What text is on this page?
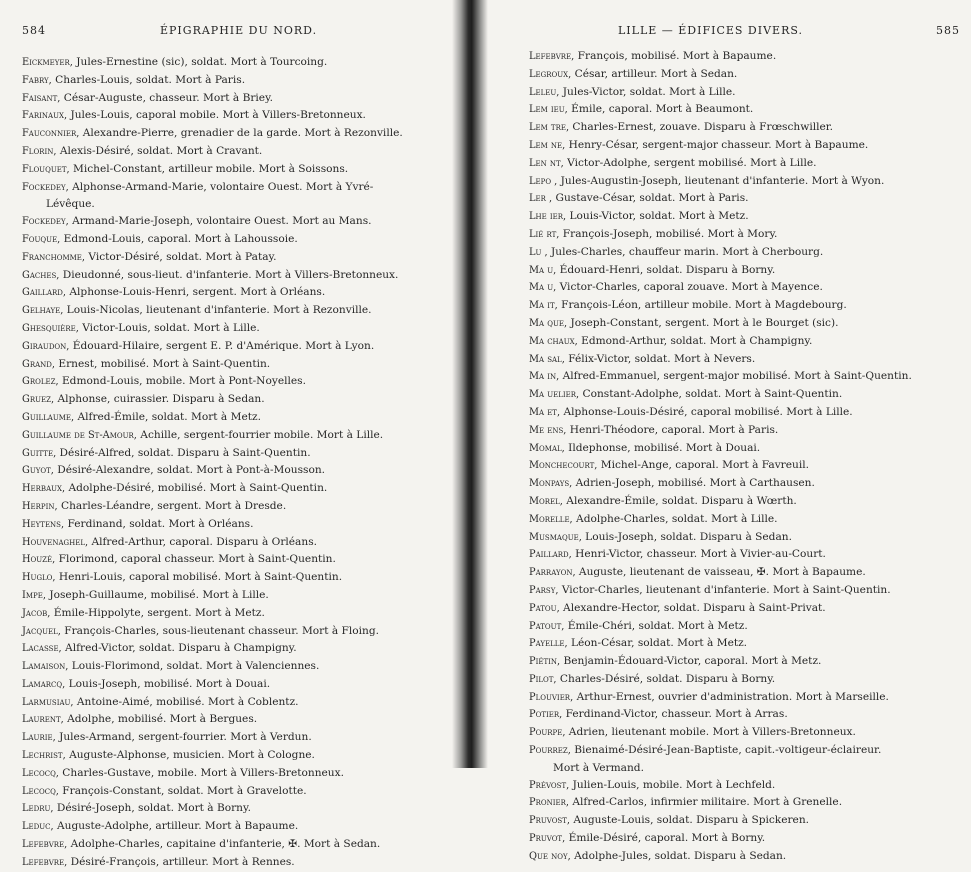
584	ÉPIGRAPHIE DU NORD.
Eickmeyer, Jules-Ernestine (sic), soldat. Mort à Tourcoing.
Fabry, Charles-Louis, soldat. Mort à Paris.
Faisant, César-Auguste, chasseur. Mort à Briey.
Farinaux, Jules-Louis, caporal mobile. Mort à Villers-Bretonneux.
Fauconnier, Alexandre-Pierre, grenadier de la garde. Mort à Rezonville.
Florin, Alexis-Désiré, soldat. Mort à Cravant.
Flouquet, Michel-Constant, artilleur mobile. Mort à Soissons.
Fockedey, Alphonse-Armand-Marie, volontaire Ouest. Mort à Yvré-
Lévêque.
Fockedey, Armand-Marie-Joseph, volontaire Ouest. Mort au Mans.
Fouque, Edmond-Louis, caporal. Mort à Lahoussoie.
Franchomme, Victor-Désiré, soldat. Mort à Patay.
Gaches, Dieudonné, sous-lieut. d'infanterie. Mort à Villers-Bretonneux.
Gaillard, Alphonse-Louis-Henri, sergent. Mort à Orléans.
Gelhaye, Louis-Nicolas, lieutenant d'infanterie. Mort à Rezonville.
Ghesquière, Victor-Louis, soldat. Mort à Lille.
Giraudon, Édouard-Hilaire, sergent E. P. d'Amérique. Mort à Lyon.
Grand, Ernest, mobilisé. Mort à Saint-Quentin.
Grolez, Edmond-Louis, mobile. Mort à Pont-Noyelles.
Gruez, Alphonse, cuirassier. Disparu à Sedan.
Guillaume, Alfred-Émile, soldat. Mort à Metz.
Guillaume de St-Amour, Achille, sergent-fourrier mobile. Mort à Lille.
Guitte, Désiré-Alfred, soldat. Disparu à Saint-Quentin.
Guyot, Désiré-Alexandre, soldat. Mort à Pont-à-Mousson.
Herbaux, Adolphe-Désiré, mobilisé. Mort à Saint-Quentin.
Herpin, Charles-Léandre, sergent. Mort à Dresde.
Heytens, Ferdinand, soldat. Mort à Orléans.
Houvenaghel, Alfred-Arthur, caporal. Disparu à Orléans.
Houzé, Florimond, caporal chasseur. Mort à Saint-Quentin.
Huglo, Henri-Louis, caporal mobilisé. Mort à Saint-Quentin.
Impe, Joseph-Guillaume, mobilisé. Mort à Lille.
Jacob, Émile-Hippolyte, sergent. Mort à Metz.
Jacquel, François-Charles, sous-lieutenant chasseur. Mort à Floing.
Lacasse, Alfred-Victor, soldat. Disparu à Champigny.
Lamaison, Louis-Florimond, soldat. Mort à Valenciennes.
Lamarcq, Louis-Joseph, mobilisé. Mort à Douai.
Larmusiau, Antoine-Aimé, mobilisé. Mort à Coblentz.
Laurent, Adolphe, mobilisé. Mort à Bergues.
Laurie, Jules-Armand, sergent-fourrier. Mort à Verdun.
Lechrist, Auguste-Alphonse, musicien. Mort à Cologne.
Lecocq, Charles-Gustave, mobile. Mort à Villers-Bretonneux.
Lecocq, François-Constant, soldat. Mort à Gravelotte.
Ledru, Désiré-Joseph, soldat. Mort à Borny.
Leduc, Auguste-Adolphe, artilleur. Mort à Bapaume.
Lefebvre, Adolphe-Charles, capitaine d'infanterie, ✠. Mort à Sedan.
Lefebvre, Désiré-François, artilleur. Mort à Rennes.
LILLE — ÉDIFICES DIVERS.	585
Lefebvre, François, mobilisé. Mort à Bapaume.
Legroux, César, artilleur. Mort à Sedan.
Leleu, Jules-Victor, soldat. Mort à Lille.
Lem ieu, Émile, caporal. Mort à Beaumont.
Lem tre, Charles-Ernest, zouave. Disparu à Frœschwiller.
Lem ne, Henry-César, sergent-major chasseur. Mort à Bapaume.
Len nt, Victor-Adolphe, sergent mobilisé. Mort à Lille.
Lepo , Jules-Augustin-Joseph, lieutenant d'infanterie. Mort à Wyon.
Ler , Gustave-César, soldat. Mort à Paris.
Lhe ier, Louis-Victor, soldat. Mort à Metz.
Lié rt, François-Joseph, mobilisé. Mort à Mory.
Lu , Jules-Charles, chauffeur marin. Mort à Cherbourg.
Ma u, Édouard-Henri, soldat. Disparu à Borny.
Ma u, Victor-Charles, caporal zouave. Mort à Mayence.
Ma it, François-Léon, artilleur mobile. Mort à Magdebourg.
Ma que, Joseph-Constant, sergent. Mort à le Bourget (sic).
Ma chaux, Edmond-Arthur, soldat. Mort à Champigny.
Ma sal, Félix-Victor, soldat. Mort à Nevers.
Ma in, Alfred-Emmanuel, sergent-major mobilisé. Mort à Saint-Quentin.
Ma uelier, Constant-Adolphe, soldat. Mort à Saint-Quentin.
Ma et, Alphonse-Louis-Désiré, caporal mobilisé. Mort à Lille.
Me ens, Henri-Théodore, caporal. Mort à Paris.
Momal, Ildephonse, mobilisé. Mort à Douai.
Monchecourt, Michel-Ange, caporal. Mort à Favreuil.
Monpays, Adrien-Joseph, mobilisé. Mort à Carthausen.
Morel, Alexandre-Émile, soldat. Disparu à Wœrth.
Morelle, Adolphe-Charles, soldat. Mort à Lille.
Musmaque, Louis-Joseph, soldat. Disparu à Sedan.
Paillard, Henri-Victor, chasseur. Mort à Vivier-au-Court.
Parrayon, Auguste, lieutenant de vaisseau, ✠. Mort à Bapaume.
Parsy, Victor-Charles, lieutenant d'infanterie. Mort à Saint-Quentin.
Patou, Alexandre-Hector, soldat. Disparu à Saint-Privat.
Patout, Émile-Chéri, soldat. Mort à Metz.
Payelle, Léon-César, soldat. Mort à Metz.
Piétin, Benjamin-Édouard-Victor, caporal. Mort à Metz.
Pilot, Charles-Désiré, soldat. Disparu à Borny.
Plouvier, Arthur-Ernest, ouvrier d'administration. Mort à Marseille.
Potier, Ferdinand-Victor, chasseur. Mort à Arras.
Pourpe, Adrien, lieutenant mobile. Mort à Villers-Bretonneux.
Pourrez, Bienaimé-Désiré-Jean-Baptiste, capit.-voltigeur-éclaireur.
Mort à Vermand.
Prévost, Julien-Louis, mobile. Mort à Lechfeld.
Pronier, Alfred-Carlos, infirmier militaire. Mort à Grenelle.
Pruvost, Auguste-Louis, soldat. Disparu à Spickeren.
Pruvot, Émile-Désiré, caporal. Mort à Borny.
Que noy, Adolphe-Jules, soldat. Disparu à Sedan.
